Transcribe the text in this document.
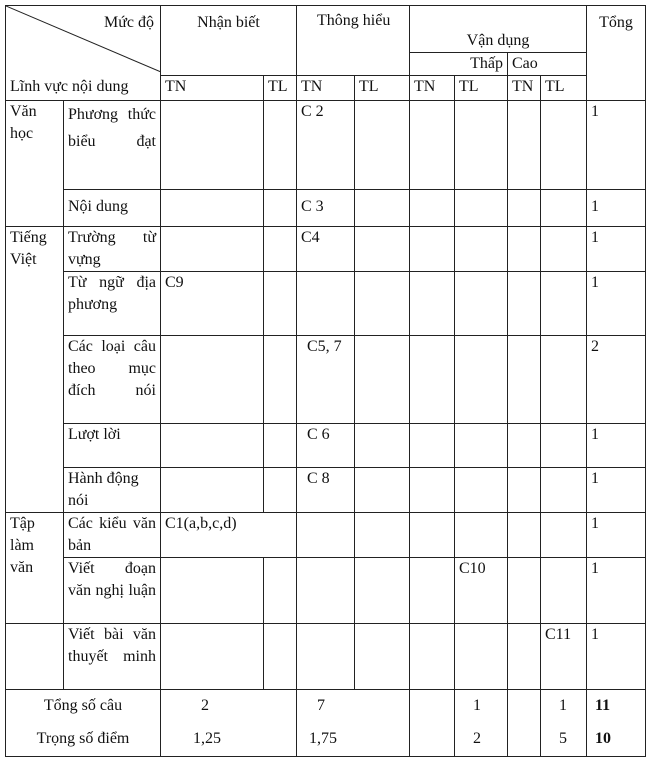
Mức độ
Lĩnh vực nội dung		Nhận biết		Thông hiểu		Vận dụng				Tổng
						Thấp		Cao		
		TN	TL	TN	TL	TN	TL	TN	TL	
Văn học	Phương thức biểu đạt			C 2						1
	Nội dung			C 3						1
Tiếng Việt	Trường từ vựng			C4						1
	Từ ngữ địa phương	C9								1
	Các loại câu theo mục đích nói			C5, 7						2
	Lượt lời			C 6						1
	Hành động nói			C 8						1
Tập làm văn	Các kiểu văn bản	C1(a,b,c,d)								1
	Viết đoạn văn nghị luận						C10			1
	Viết bài văn thuyết minh								C11	1
Tổng số câu		2		7			1		1	11
Trọng số điểm		1,25		1,75			2		5	10
